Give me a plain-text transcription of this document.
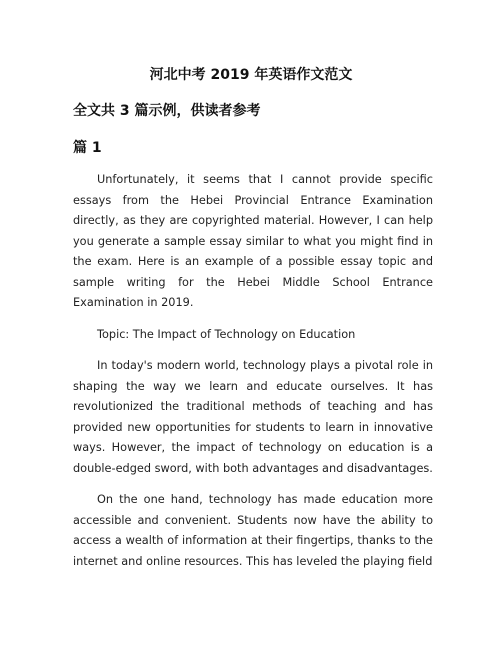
河北中考 2019 年英语作文范文
全文共 3 篇示例，供读者参考
篇 1

Unfortunately, it seems that I cannot provide specific essays from the Hebei Provincial Entrance Examination directly, as they are copyrighted material. However, I can help you generate a sample essay similar to what you might find in the exam. Here is an example of a possible essay topic and sample writing for the Hebei Middle School Entrance Examination in 2019.

Topic: The Impact of Technology on Education

In today's modern world, technology plays a pivotal role in shaping the way we learn and educate ourselves. It has revolutionized the traditional methods of teaching and has provided new opportunities for students to learn in innovative ways. However, the impact of technology on education is a double-edged sword, with both advantages and disadvantages.

On the one hand, technology has made education more accessible and convenient. Students now have the ability to access a wealth of information at their fingertips, thanks to the internet and online resources. This has leveled the playing field
